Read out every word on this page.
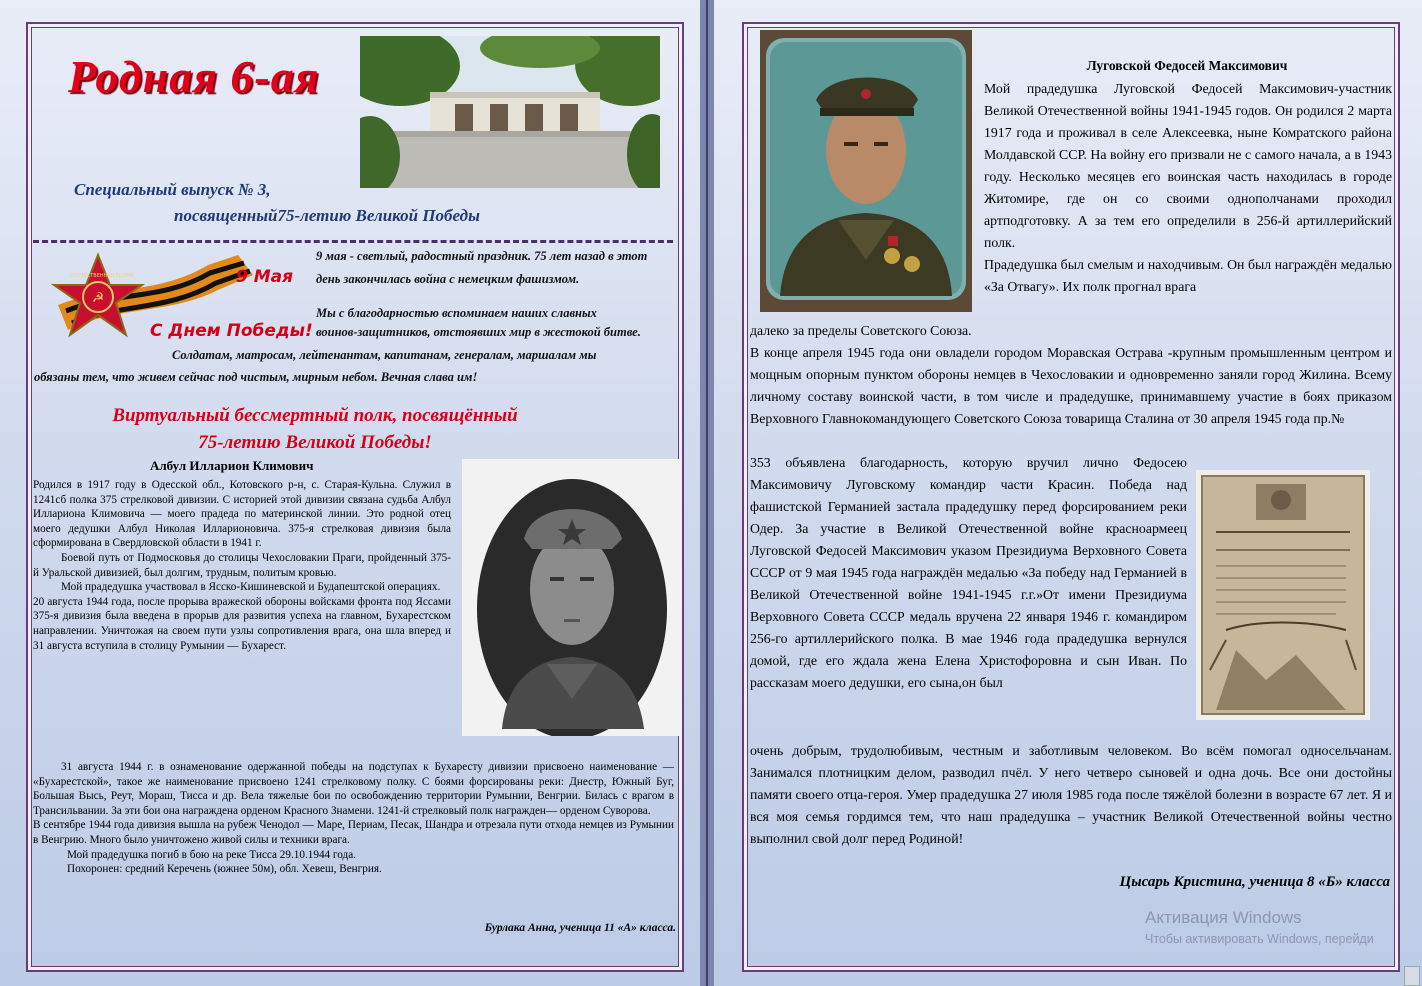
Родная 6-ая
Специальный выпуск № 3,
посвященный75-летию Великой Победы
☭
ОТЕЧЕСТВЕННАЯ ВОЙНА	9 Мая
С Днем Победы!
9 мая - светлый, радостный праздник. 75 лет назад в этот
день закончилась война с немецким фашизмом.
Мы с благодарностью вспоминаем наших славных
воинов-защитников, отстоявших мир в жестокой битве.
Солдатам, матросам, лейтенантам, капитанам, генералам, маршалам мы
обязаны тем, что живем сейчас под чистым, мирным небом. Вечная слава им!
Виртуальный бессмертный полк, посвящённый
75-летию Великой Победы!
Албул Илларион Климович

Родился в 1917 году в Одесской обл., Котовского р-н, с. Старая-Кульна. Служил в 1241сб полка 375 стрелковой дивизии. С историей этой дивизии связана судьба Албул Иллариона Климовича — моего прадеда по материнской линии. Это родной отец моего дедушки Албул Николая Илларионовича. 375-я стрелковая дивизия была сформирована в Свердловской области в 1941 г.

Боевой путь от Подмосковья до столицы Чехословакии Праги, пройденный 375-й Уральской дивизией, был долгим, трудным, политым кровью.

Мой прадедушка участвовал в Ясско-Кишиневской и Будапештской операциях.

20 августа 1944 года, после прорыва вражеской обороны войсками фронта под Яссами 375-я дивизия была введена в прорыв для развития успеха на главном, Бухарестском направлении. Уничтожая на своем пути узлы сопротивления врага, она шла вперед и 31 августа вступила в столицу Румынии — Бухарест.

31 августа 1944 г. в ознаменование одержанной победы на подступах к Бухаресту дивизии присвоено наименование — «Бухарестской», такое же наименование присвоено 1241 стрелковому полку. С боями форсированы реки: Днестр, Южный Буг, Большая Высь, Реут, Мораш, Тисса и др. Вела тяжелые бои по освобождению территории Румынии, Венгрии. Билась с врагом в Трансильвании. За эти бои она награждена орденом Красного Знамени. 1241-й стрелковый полк награжден— орденом Суворова.

В сентябре 1944 года дивизия вышла на рубеж Ченодол — Маре, Периам, Песак, Шандра и отрезала пути отхода немцев из Румынии в Венгрию. Много было уничтожено живой силы и техники врага.

Мой прадедушка погиб в бою на реке Тисса 29.10.1944 года.

Похоронен: средний Керечень (южнее 50м), обл. Хевеш, Венгрия.

Бурлака Анна, ученица 11 «А» класса.
Луговской Федосей Максимович

Мой прадедушка Луговской Федосей Максимович-участник Великой Отечественной войны 1941-1945 годов. Он родился 2 марта 1917 года и проживал в селе Алексеевка, ныне Комратского района Молдавской ССР. На войну его призвали не с самого начала, а в 1943 году. Несколько месяцев его воинская часть находилась в городе Житомире, где он со своими однополчанами проходил артподготовку. А за тем его определили в 256-й артиллерийский полк.

Прадедушка был смелым и находчивым. Он был награждён медалью «За Отвагу». Их полк прогнал врага

далеко за пределы Советского Союза.

В конце апреля 1945 года они овладели городом Моравская Острава -крупным промышленным центром и мощным опорным пунктом обороны немцев в Чехословакии и одновременно заняли город Жилина. Всему личному составу воинской части, в том числе и прадедушке, принимавшему участие в боях приказом Верховного Главнокомандующего Советского Союза товарища Сталина от 30 апреля 1945 года пр.№

353 объявлена благодарность, которую вручил лично Федосею Максимовичу Луговскому командир части Красин. Победа над фашистской Германией застала прадедушку перед форсированием реки Одер. За участие в Великой Отечественной войне красноармеец Луговской Федосей Максимович указом Президиума Верховного Совета СССР от 9 мая 1945 года награждён медалью «За победу над Германией в Великой Отечественной войне 1941-1945 г.г.»От имени Президиума Верховного Совета СССР медаль вручена 22 января 1946 г. командиром 256-го артиллерийского полка. В мае 1946 года прадедушка вернулся домой, где его ждала жена Елена Христофоровна и сын Иван. По рассказам моего дедушки, его сына,он был

очень добрым, трудолюбивым, честным и заботливым человеком. Во всём помогал односельчанам. Занимался плотницким делом, разводил пчёл. У него четверо сыновей и одна дочь. Все они достойны памяти своего отца-героя. Умер прадедушка 27 июля 1985 года после тяжёлой болезни в возрасте 67 лет. Я и вся моя семья гордимся тем, что наш прадедушка – участник Великой Отечественной войны честно выполнил свой долг перед Родиной!

Цысарь Кристина, ученица 8 «Б» класса
Активация Windows
Чтобы активировать Windows, перейди
